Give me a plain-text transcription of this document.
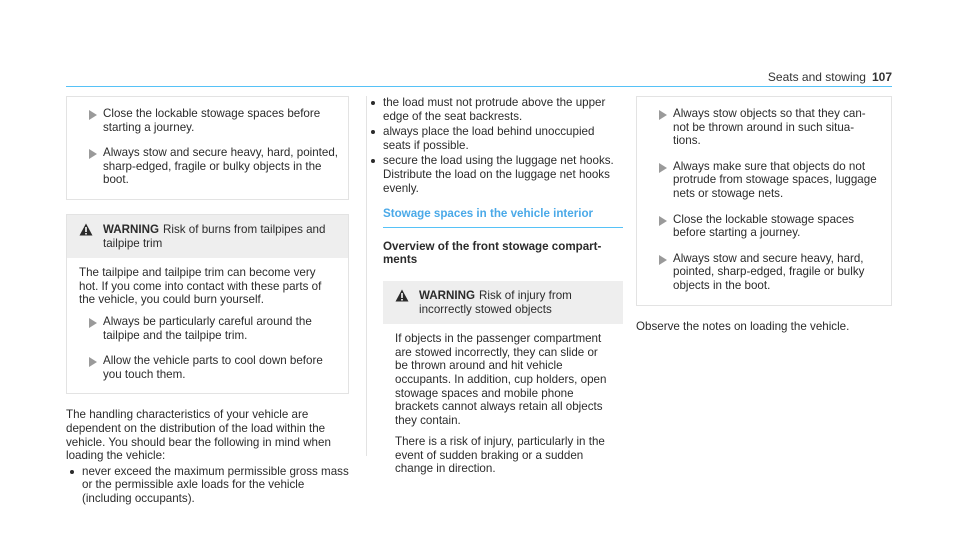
Seats and stowing 107
Close the lockable stowage spaces before starting a journey.
Always stow and secure heavy, hard, pointed, sharp-edged, fragile or bulky objects in the boot.
WARNING Risk of burns from tailpipes and tailpipe trim

The tailpipe and tailpipe trim can become very hot. If you come into contact with these parts of the vehicle, you could burn yourself.

Always be particularly careful around the tailpipe and the tailpipe trim.
Allow the vehicle parts to cool down before you touch them.

The handling characteristics of your vehicle are dependent on the distribution of the load within the vehicle. You should bear the following in mind when loading the vehicle:

never exceed the maximum permissible gross mass or the permissible axle loads for the vehicle (including occupants).
the load must not protrude above the upper edge of the seat backrests.
always place the load behind unoccupied seats if possible.
secure the load using the luggage net hooks. Distribute the load on the luggage net hooks evenly.
Stowage spaces in the vehicle interior
Overview of the front stowage compart-ments
WARNING Risk of injury from incorrectly stowed objects

If objects in the passenger compartment are stowed incorrectly, they can slide or be thrown around and hit vehicle occupants. In addition, cup holders, open stowage spaces and mobile phone brackets cannot always retain all objects they contain.

There is a risk of injury, particularly in the event of sudden braking or a sudden change in direction.

Always stow objects so that they can-not be thrown around in such situa-tions.
Always make sure that objects do not protrude from stowage spaces, luggage nets or stowage nets.
Close the lockable stowage spaces before starting a journey.
Always stow and secure heavy, hard, pointed, sharp-edged, fragile or bulky objects in the boot.

Observe the notes on loading the vehicle.
